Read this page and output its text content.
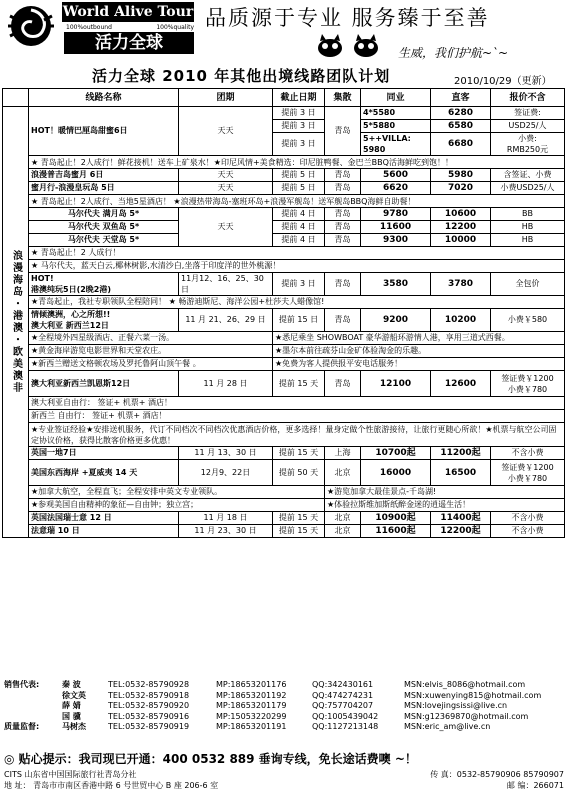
World Alive Tour
100%outbound	100%quality
活力全球
品质源于专业 服务臻于至善
生威，我们护航~`~
活力全球 2010 年其他出境线路团队计划	2010/10/29（更新）
	线路名称	团期	截止日期	集散	同业	直客	报价不含
浪漫海岛・港澳・欧美澳非	HOT！暖情巴厘岛甜蜜6日	天天	提前 3 日	青岛	4*5580	6280	签证费:
			提前 3 日		5*5880	6580	USD25/人
			提前 3 日		5++VILLA: 5980	6680	小费:
RMB250元
	★ 青岛起止！2人成行！鲜花接机！送车上矿泉水！★印尼风情+美食精选：印尼脏鸭餐、金巴兰BBQ活海鲜吃到饱！！						
	浪漫普吉岛蜜月 6日	天天	提前 5 日	青岛	5600	5980	含签证、小费
	蜜月行-浪漫皇玩岛 5日	天天	提前 5 日	青岛	6620	7020	小费USD25/人
	★ 青岛起止！2人成行、当地5星酒店！ ★浪漫热带海岛-塞班环岛+浪漫军舰岛！送军舰岛BBQ海鲜自助餐！						
	马尔代夫 满月岛 5*	天天	提前 4 日	青岛	9780	10600	BB
	马尔代夫 双鱼岛 5*		提前 4 日	青岛	11600	12200	HB
	马尔代夫 天堂岛 5*		提前 4 日	青岛	9300	10000	HB
	★ 青岛起止！2 人成行！						
	★ 马尔代夫，蓝天白云,椰林树影,水清沙白,坐落于印度洋的世外桃源！						
	HOT!
港澳纯玩5日(2晚2港)	11月12、16、25、30日	提前 3 日	青岛	3580	3780	全包价
	★青岛起止，我社专职领队全程陪同！ ★ 畅游迪斯尼、海洋公园+杜莎夫人蜡像馆!						
	情倾澳洲，心之所想!!
澳大利亚 新西兰12日	11 月 21、26、29 日	提前 15 日	青岛	9200	10200	小费￥580
	★全程境外四星级酒店、正餐六菜一汤。		★悉尼乘坐 SHOWBOAT 豪华游船环游情人港，享用三道式西餐。				
	★黄金海岸游览电影世界和天堂农庄。		★墨尔本前往疏芬山金矿体验淘金的乐趣。				
	★新西兰赠送文格顿农场及罗托鲁阿山顶午餐 。		★免费为客人提供报平安电话服务！				
	澳大利亚新西兰凯恩斯12日	11 月 28 日	提前 15 天	青岛	12100	12600	签证费￥1200
小费￥780
	澳大利亚自由行： 签证+ 机票+ 酒店！						
	新西兰 自由行： 签证+ 机票+ 酒店！						
	★专业签证经验★安排送机服务，代订不同档次不同档次优惠酒店价格，更多选择！量身定做个性旅游接待，让旅行更随心所欲！★机票与航空公司固定协议价格，获得比散客价格更多优惠！						
	英国一地7日	11 月 13、30 日	提前 15 天	上海	10700起	11200起	不含小费
	美国东西海岸 +夏威夷 14 天	12月9、22日	提前 50 天	北京	16000	16500	签证费￥1200
小费￥780
	★加拿大航空，全程直飞；全程安排中英文专业领队。			★游览加拿大最佳景点-千岛湖!			
	★参观美国自由精神的象征—自由钟；独立宫；			★体验拉斯维加斯纸醉金迷的逍遥生活！			
	英国法国瑞士意 12 日	11 月 18 日	提前 15 天	北京	10900起	11400起	不含小费
	法意瑞 10 日	11 月 23、30 日	提前 15 天	北京	11600起	12200起	不含小费
销售代表:	秦 波	TEL:0532-85790928	MP:18653201176	QQ:342430161	MSN:elvis_8086@hotmail.com
徐文英	TEL:0532-85790918	MP:18653201192	QQ:474274231	MSN:xuwenying815@hotmail.com
薛 婧	TEL:0532-85790920	MP:18653201179	QQ:757704207	MSN:lovejingsissi@live.cn
国 骥	TEL:0532-85790916	MP:15053220299	QQ:1005439042	MSN:g12369870@hotmail.com
质量监督:	马树杰	TEL:0532-85790919	MP:18653201191	QQ:1127213148	MSN:eric_am@live.cn
◎ 贴心提示：我司现已开通：400 0532 889 垂询专线，免长途话费噢 ~！
CITS 山东省中国国际旅行社青岛分社	传 真：0532-85790906 85790907
地 址： 青岛市市南区香港中路 6 号世贸中心 B 座 206-6 室	邮 编：266071
